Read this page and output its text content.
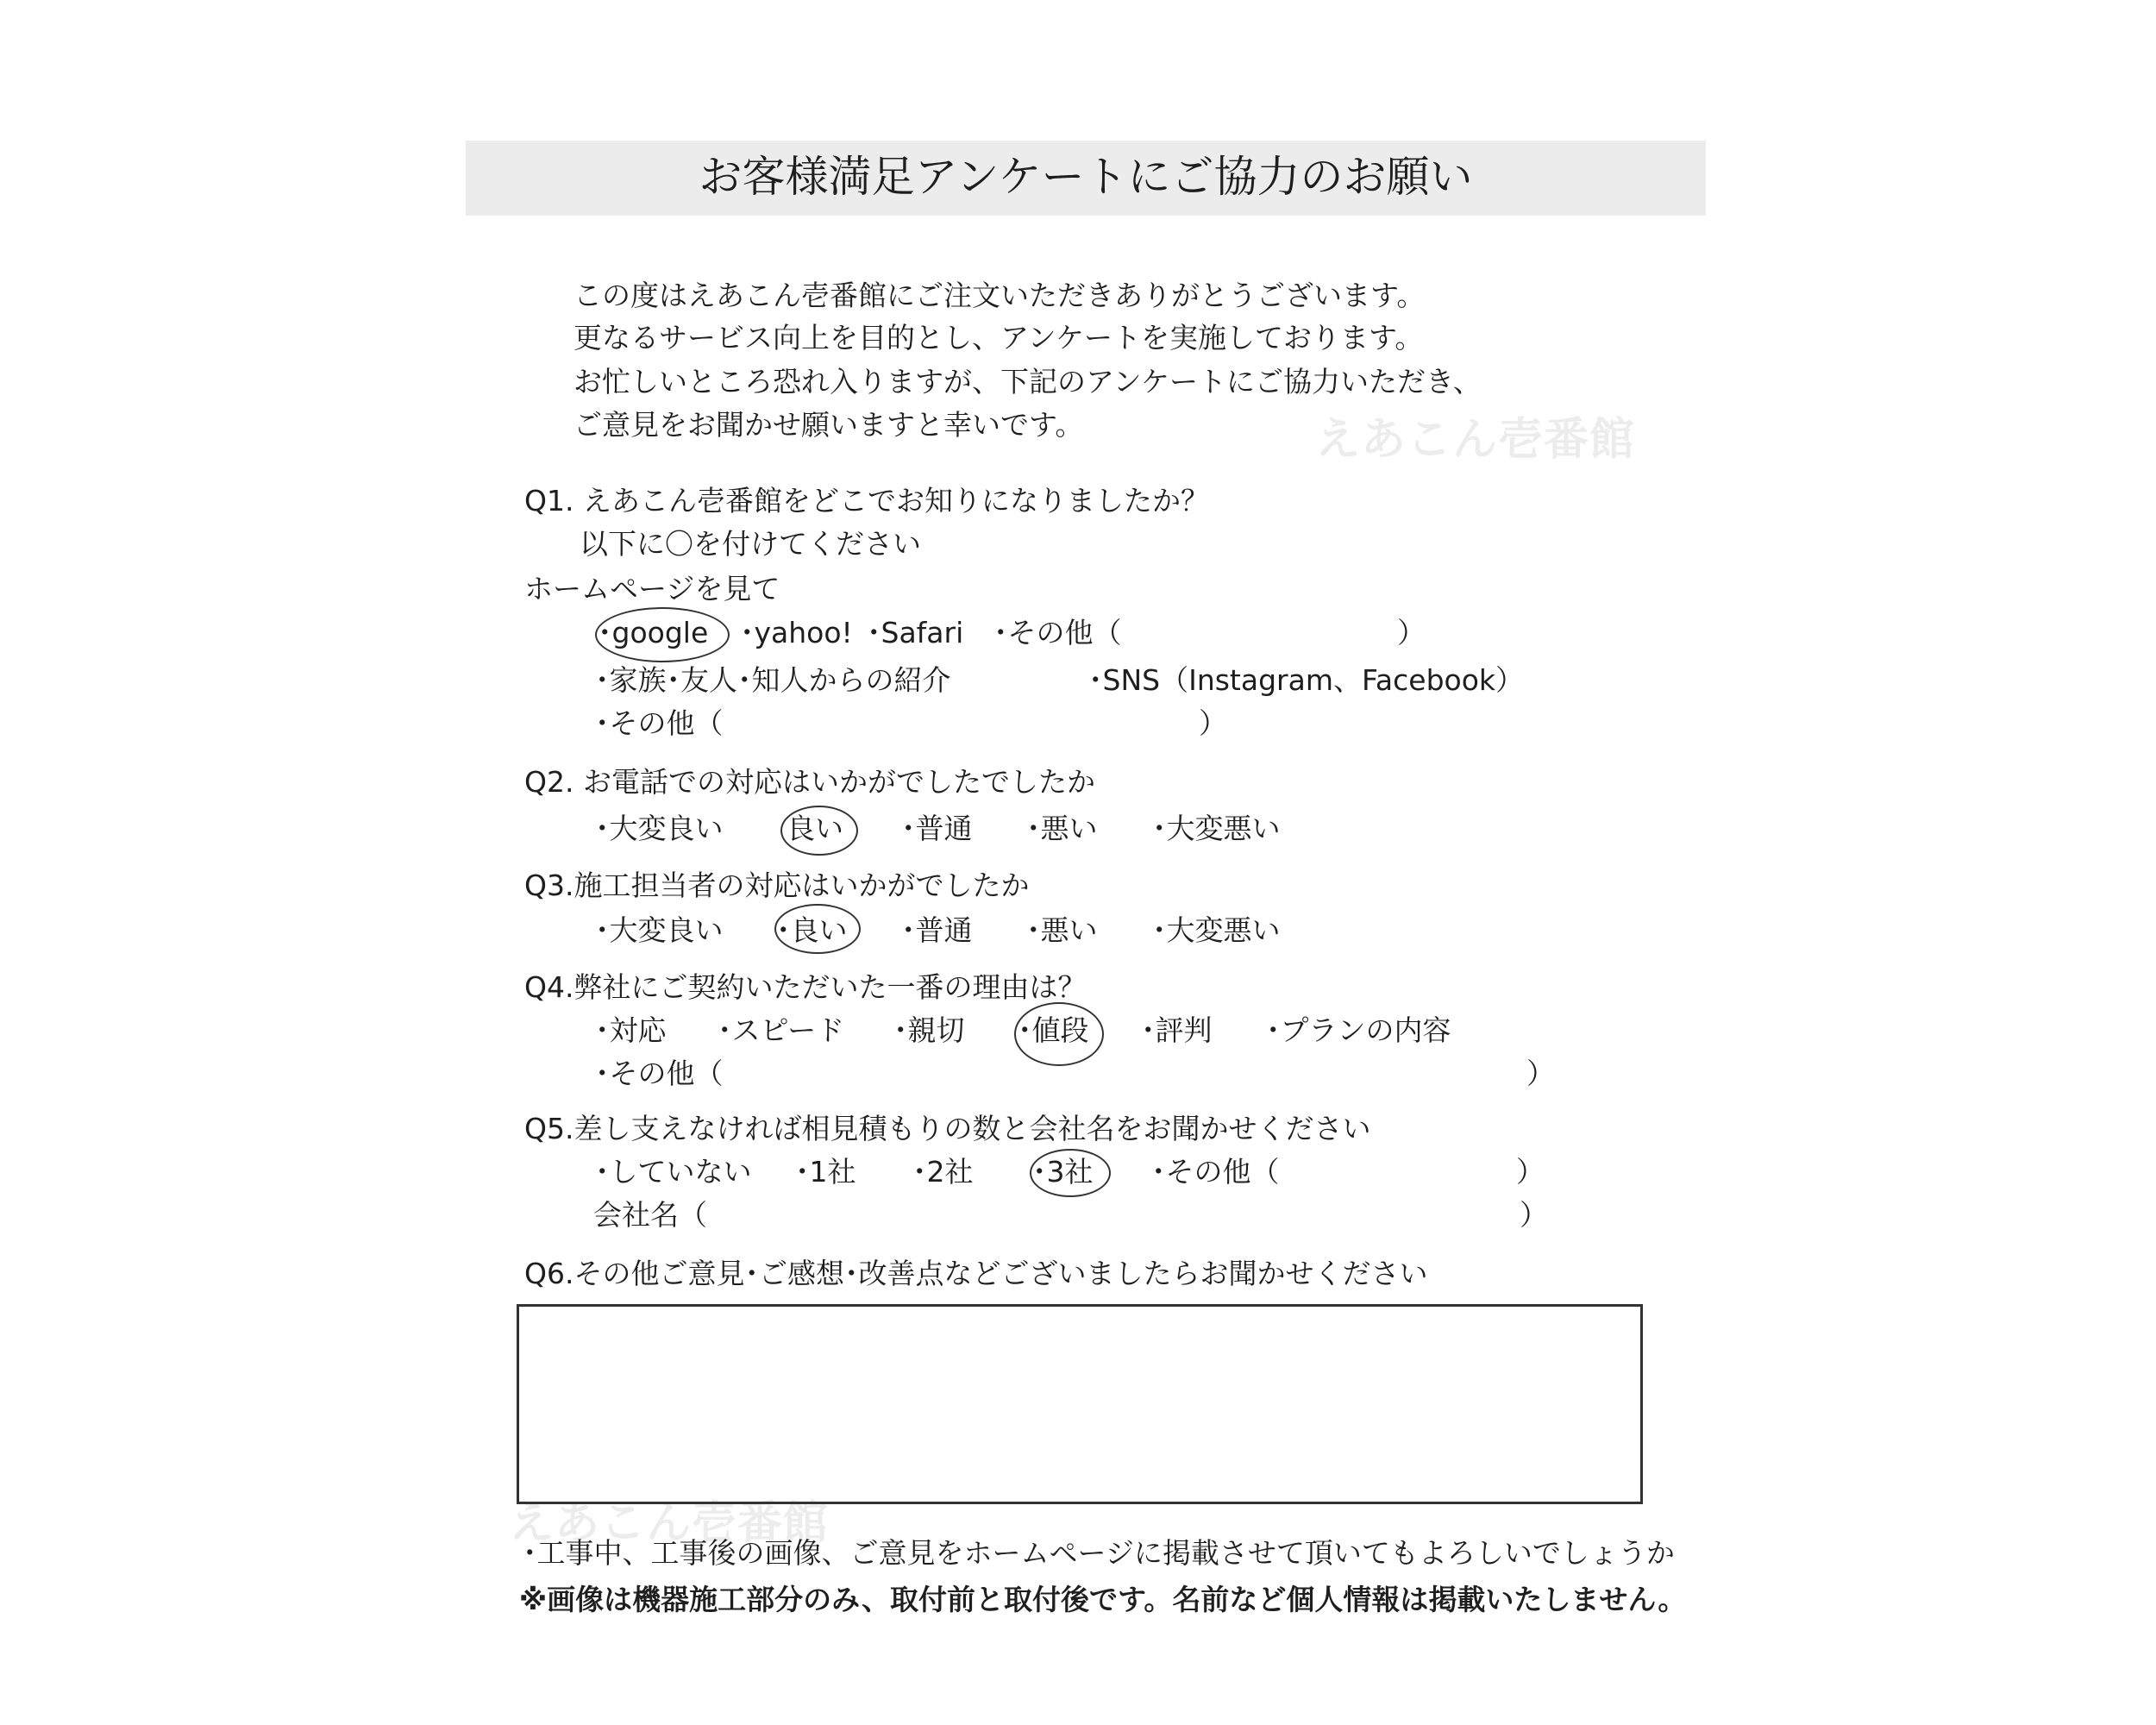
お客様満足アンケートにご協力のお願い
この度はえあこん壱番館にご注文いただきありがとうございます。
更なるサービス向上を目的とし、アンケートを実施しております。
お忙しいところ恐れ入りますが、下記のアンケートにご協力いただき、
ご意見をお聞かせ願いますと幸いです。	えあこん壱番館
えあこん壱番館
Q1. えあこん壱番館をどこでお知りになりましたか？
以下に〇を付けてください
ホームページを見て
･google ･yahoo! ･Safari ･その他（	）
･家族･友人･知人からの紹介	･SNS（Instagram、Facebook）
･その他（	）
Q2. お電話での対応はいかがでしたでしたか
･大変良い 良い ･普通 ･悪い ･大変悪い
Q3.施工担当者の対応はいかがでしたか
･大変良い ･良い ･普通 ･悪い ･大変悪い
Q4.弊社にご契約いただいた一番の理由は？
･対応 ･スピード ･親切 ･値段 ･評判 ･プランの内容
･その他（	）
Q5.差し支えなければ相見積もりの数と会社名をお聞かせください
･していない ･1社 ･2社 ･3社 ･その他（	）
会社名（	）
Q6.その他ご意見･ご感想･改善点などございましたらお聞かせください
･工事中、工事後の画像、ご意見をホームページに掲載させて頂いてもよろしいでしょうか
※画像は機器施工部分のみ、取付前と取付後です。名前など個人情報は掲載いたしません。
